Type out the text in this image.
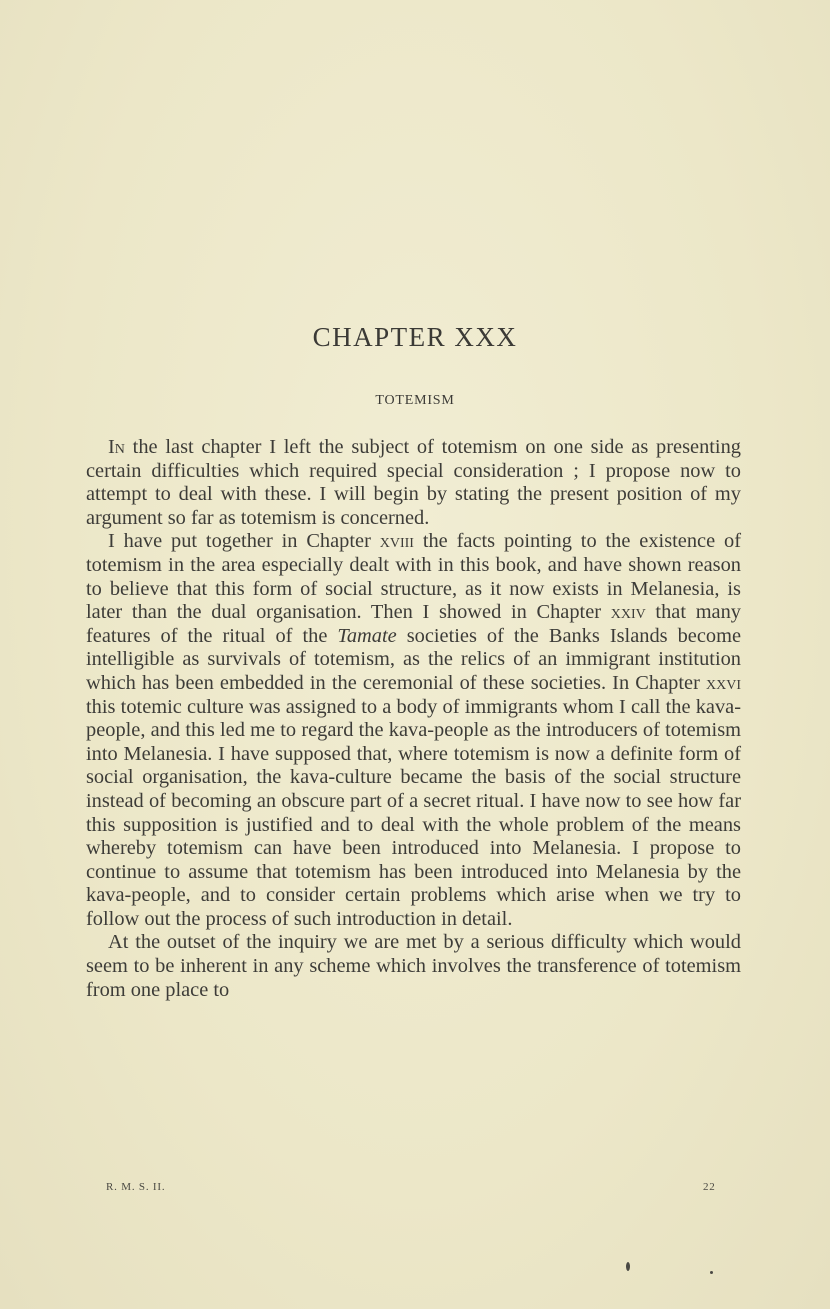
CHAPTER XXX
TOTEMISM

In the last chapter I left the subject of totemism on one side as presenting certain difficulties which required special consideration ; I propose now to attempt to deal with these. I will begin by stating the present position of my argument so far as totemism is concerned.

I have put together in Chapter xviii the facts pointing to the existence of totemism in the area especially dealt with in this book, and have shown reason to believe that this form of social structure, as it now exists in Melanesia, is later than the dual organisation. Then I showed in Chapter xxiv that many features of the ritual of the Tamate societies of the Banks Islands become intelligible as survivals of totemism, as the relics of an immigrant institution which has been embedded in the ceremonial of these societies. In Chapter xxvi this totemic culture was assigned to a body of immigrants whom I call the kava-people, and this led me to regard the kava-people as the introducers of totemism into Melanesia. I have supposed that, where totemism is now a definite form of social organisation, the kava-culture became the basis of the social structure instead of becoming an obscure part of a secret ritual. I have now to see how far this supposition is justified and to deal with the whole problem of the means whereby totemism can have been introduced into Melanesia. I propose to continue to assume that totemism has been introduced into Melanesia by the kava-people, and to consider certain problems which arise when we try to follow out the process of such introduction in detail.

At the outset of the inquiry we are met by a serious difficulty which would seem to be inherent in any scheme which involves the transference of totemism from one place to

R. M. S. II.	22
